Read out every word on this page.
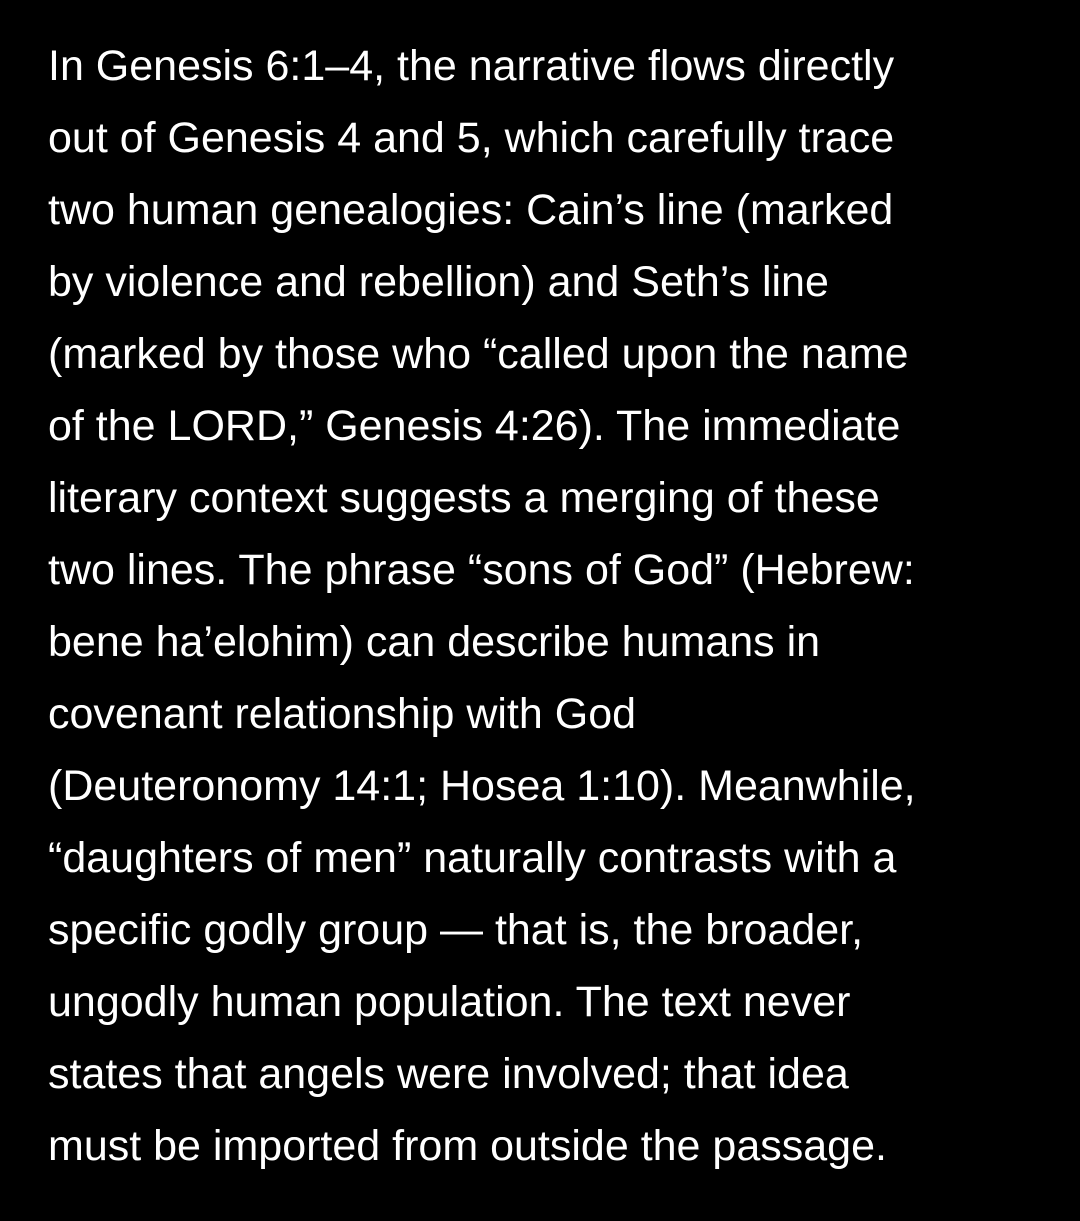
In Genesis 6:1–4, the narrative flows directly
out of Genesis 4 and 5, which carefully trace
two human genealogies: Cain’s line (marked
by violence and rebellion) and Seth’s line
(marked by those who “called upon the name
of the LORD,” Genesis 4:26). The immediate
literary context suggests a merging of these
two lines. The phrase “sons of God” (Hebrew:
bene ha’elohim) can describe humans in
covenant relationship with God
(Deuteronomy 14:1; Hosea 1:10). Meanwhile,
“daughters of men” naturally contrasts with a
specific godly group — that is, the broader,
ungodly human population. The text never
states that angels were involved; that idea
must be imported from outside the passage.
